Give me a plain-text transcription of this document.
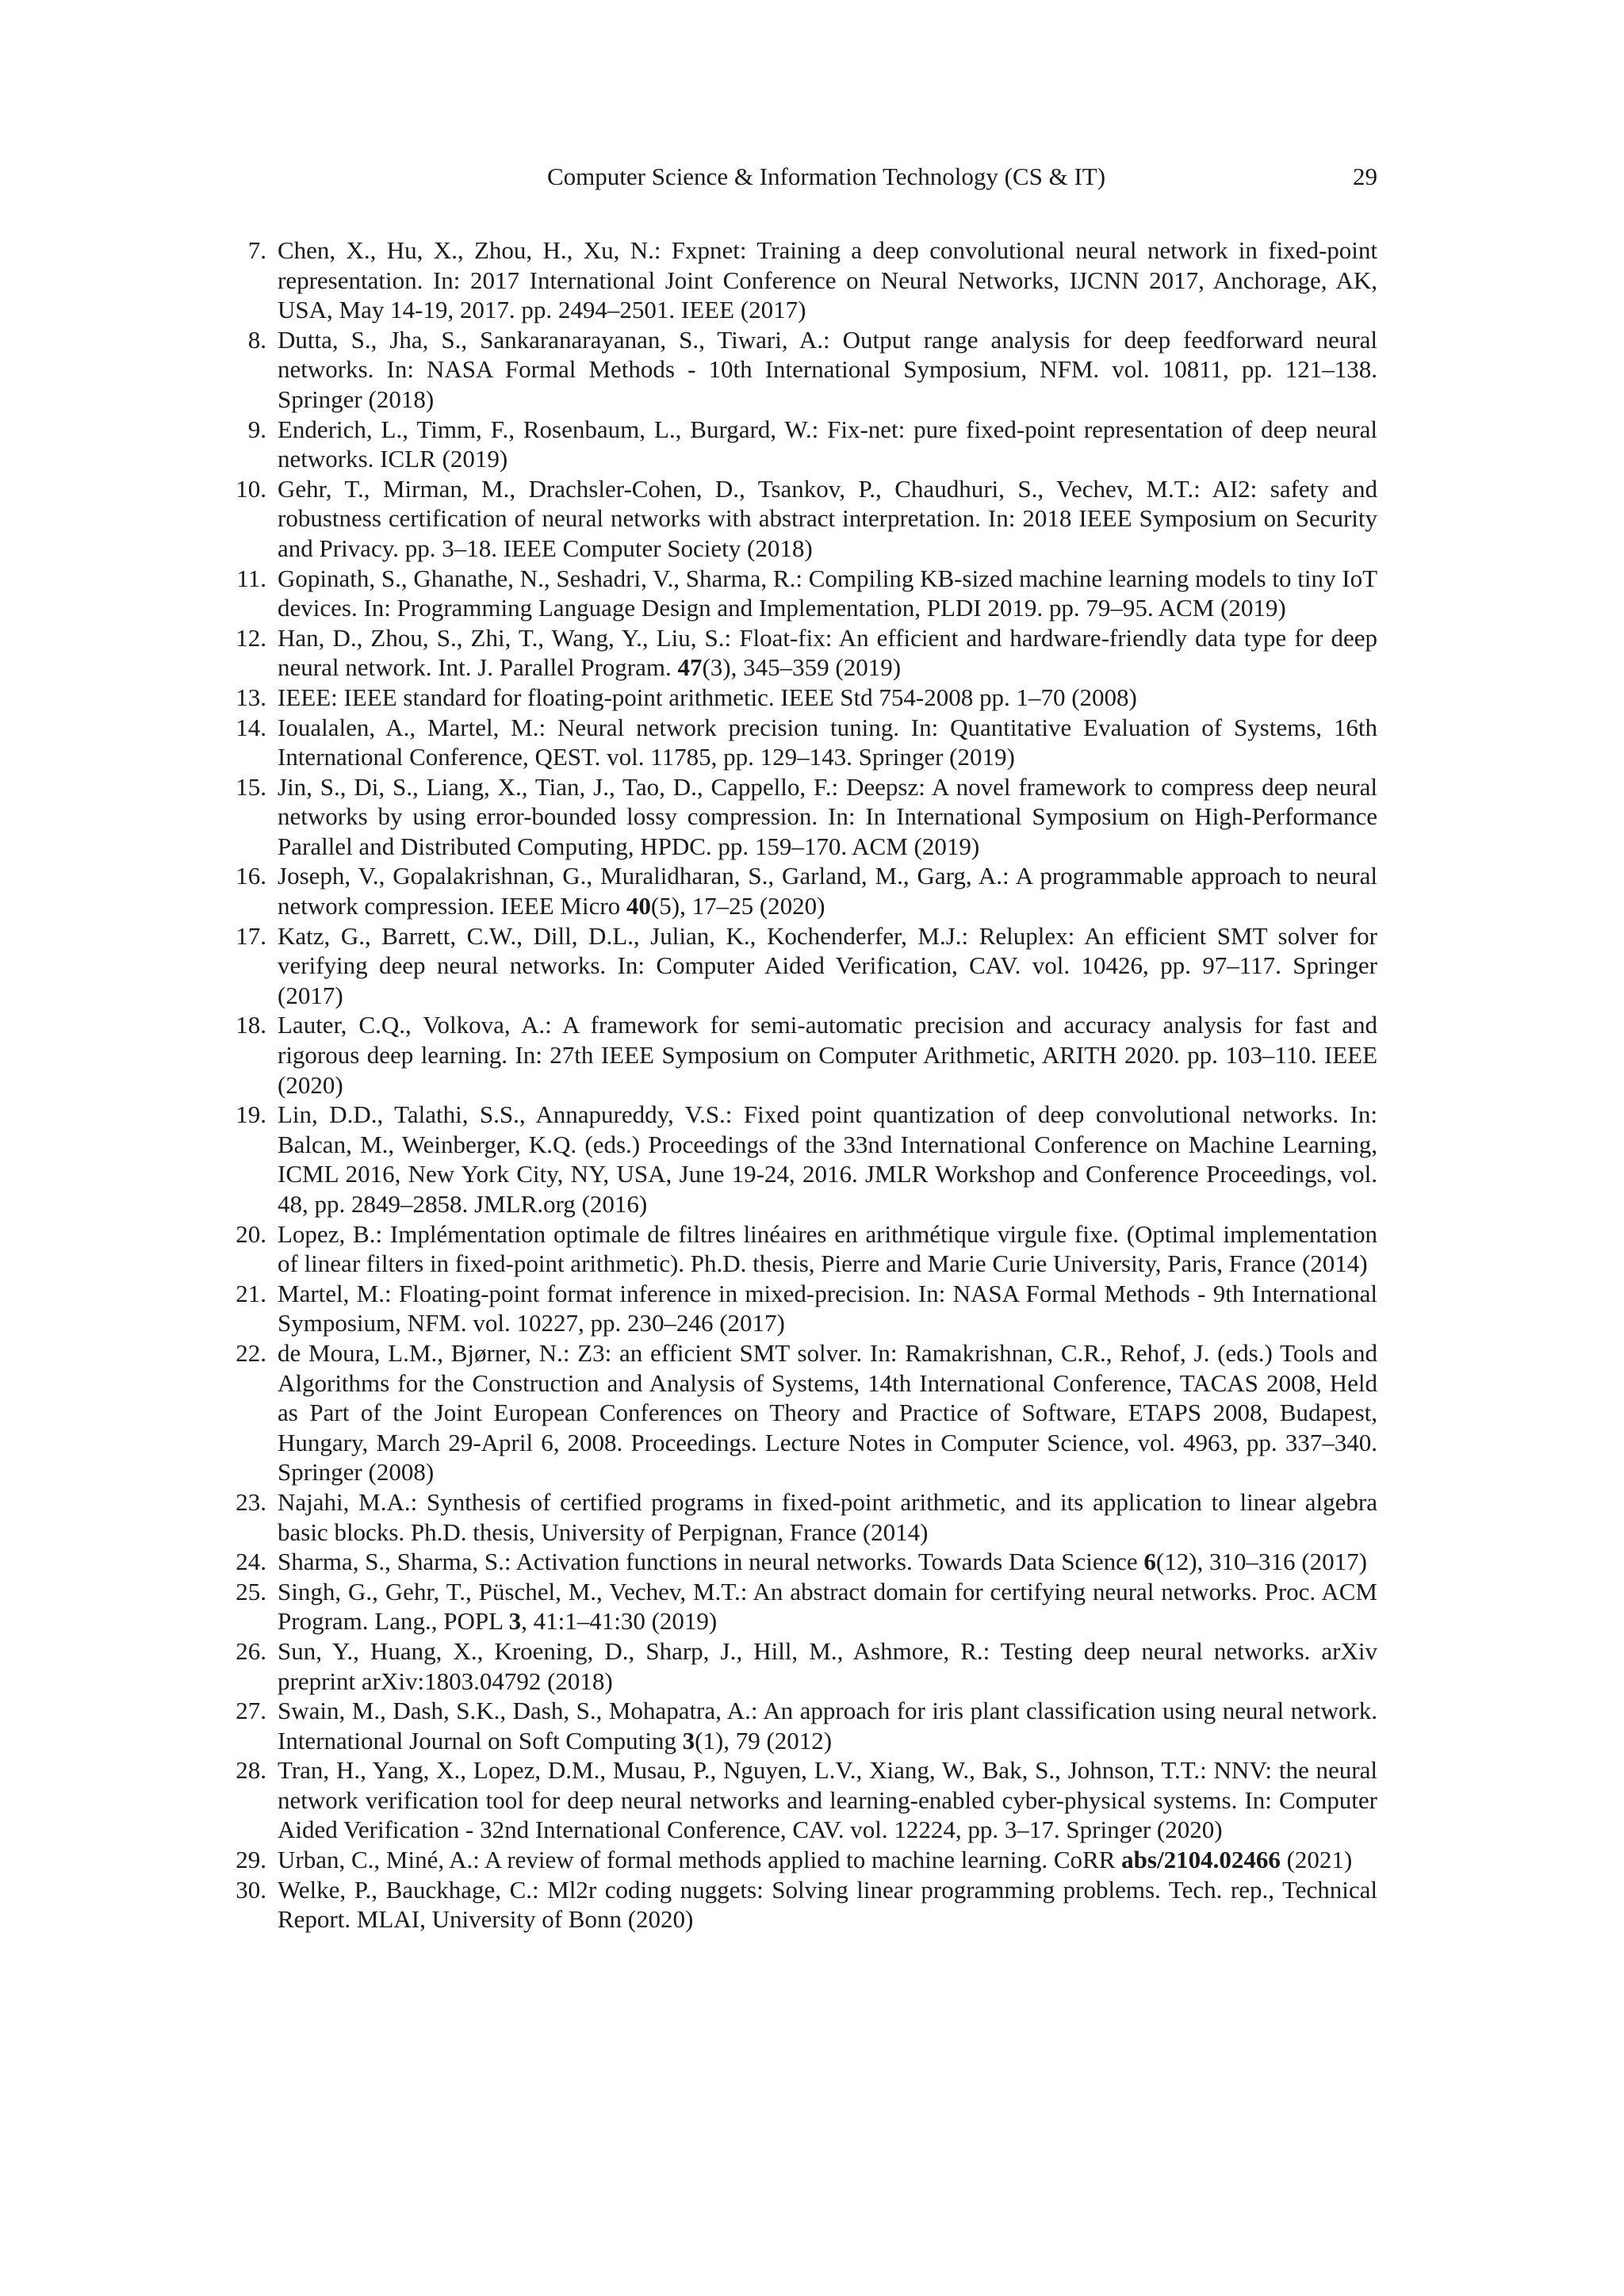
Computer Science & Information Technology (CS & IT)	29
7. Chen, X., Hu, X., Zhou, H., Xu, N.: Fxpnet: Training a deep convolutional neural network in fixed-point representation. In: 2017 International Joint Conference on Neural Networks, IJCNN 2017, Anchorage, AK, USA, May 14-19, 2017. pp. 2494–2501. IEEE (2017)
8. Dutta, S., Jha, S., Sankaranarayanan, S., Tiwari, A.: Output range analysis for deep feedforward neural networks. In: NASA Formal Methods - 10th International Symposium, NFM. vol. 10811, pp. 121–138. Springer (2018)
9. Enderich, L., Timm, F., Rosenbaum, L., Burgard, W.: Fix-net: pure fixed-point representation of deep neural networks. ICLR (2019)
10. Gehr, T., Mirman, M., Drachsler-Cohen, D., Tsankov, P., Chaudhuri, S., Vechev, M.T.: AI2: safety and robustness certification of neural networks with abstract interpretation. In: 2018 IEEE Symposium on Security and Privacy. pp. 3–18. IEEE Computer Society (2018)
11. Gopinath, S., Ghanathe, N., Seshadri, V., Sharma, R.: Compiling KB-sized machine learning models to tiny IoT devices. In: Programming Language Design and Implementation, PLDI 2019. pp. 79–95. ACM (2019)
12. Han, D., Zhou, S., Zhi, T., Wang, Y., Liu, S.: Float-fix: An efficient and hardware-friendly data type for deep neural network. Int. J. Parallel Program. 47(3), 345–359 (2019)
13. IEEE: IEEE standard for floating-point arithmetic. IEEE Std 754-2008 pp. 1–70 (2008)
14. Ioualalen, A., Martel, M.: Neural network precision tuning. In: Quantitative Evaluation of Systems, 16th International Conference, QEST. vol. 11785, pp. 129–143. Springer (2019)
15. Jin, S., Di, S., Liang, X., Tian, J., Tao, D., Cappello, F.: Deepsz: A novel framework to compress deep neural networks by using error-bounded lossy compression. In: In International Symposium on High-Performance Parallel and Distributed Computing, HPDC. pp. 159–170. ACM (2019)
16. Joseph, V., Gopalakrishnan, G., Muralidharan, S., Garland, M., Garg, A.: A programmable approach to neural network compression. IEEE Micro 40(5), 17–25 (2020)
17. Katz, G., Barrett, C.W., Dill, D.L., Julian, K., Kochenderfer, M.J.: Reluplex: An efficient SMT solver for verifying deep neural networks. In: Computer Aided Verification, CAV. vol. 10426, pp. 97–117. Springer (2017)
18. Lauter, C.Q., Volkova, A.: A framework for semi-automatic precision and accuracy analysis for fast and rigorous deep learning. In: 27th IEEE Symposium on Computer Arithmetic, ARITH 2020. pp. 103–110. IEEE (2020)
19. Lin, D.D., Talathi, S.S., Annapureddy, V.S.: Fixed point quantization of deep convolutional networks. In: Balcan, M., Weinberger, K.Q. (eds.) Proceedings of the 33nd International Conference on Machine Learning, ICML 2016, New York City, NY, USA, June 19-24, 2016. JMLR Workshop and Conference Proceedings, vol. 48, pp. 2849–2858. JMLR.org (2016)
20. Lopez, B.: Implémentation optimale de filtres linéaires en arithmétique virgule fixe. (Optimal implementation of linear filters in fixed-point arithmetic). Ph.D. thesis, Pierre and Marie Curie University, Paris, France (2014)
21. Martel, M.: Floating-point format inference in mixed-precision. In: NASA Formal Methods - 9th International Symposium, NFM. vol. 10227, pp. 230–246 (2017)
22. de Moura, L.M., Bjørner, N.: Z3: an efficient SMT solver. In: Ramakrishnan, C.R., Rehof, J. (eds.) Tools and Algorithms for the Construction and Analysis of Systems, 14th International Conference, TACAS 2008, Held as Part of the Joint European Conferences on Theory and Practice of Software, ETAPS 2008, Budapest, Hungary, March 29-April 6, 2008. Proceedings. Lecture Notes in Computer Science, vol. 4963, pp. 337–340. Springer (2008)
23. Najahi, M.A.: Synthesis of certified programs in fixed-point arithmetic, and its application to linear algebra basic blocks. Ph.D. thesis, University of Perpignan, France (2014)
24. Sharma, S., Sharma, S.: Activation functions in neural networks. Towards Data Science 6(12), 310–316 (2017)
25. Singh, G., Gehr, T., Püschel, M., Vechev, M.T.: An abstract domain for certifying neural networks. Proc. ACM Program. Lang., POPL 3, 41:1–41:30 (2019)
26. Sun, Y., Huang, X., Kroening, D., Sharp, J., Hill, M., Ashmore, R.: Testing deep neural networks. arXiv preprint arXiv:1803.04792 (2018)
27. Swain, M., Dash, S.K., Dash, S., Mohapatra, A.: An approach for iris plant classification using neural network. International Journal on Soft Computing 3(1), 79 (2012)
28. Tran, H., Yang, X., Lopez, D.M., Musau, P., Nguyen, L.V., Xiang, W., Bak, S., Johnson, T.T.: NNV: the neural network verification tool for deep neural networks and learning-enabled cyber-physical systems. In: Computer Aided Verification - 32nd International Conference, CAV. vol. 12224, pp. 3–17. Springer (2020)
29. Urban, C., Miné, A.: A review of formal methods applied to machine learning. CoRR abs/2104.02466 (2021)
30. Welke, P., Bauckhage, C.: Ml2r coding nuggets: Solving linear programming problems. Tech. rep., Technical Report. MLAI, University of Bonn (2020)
